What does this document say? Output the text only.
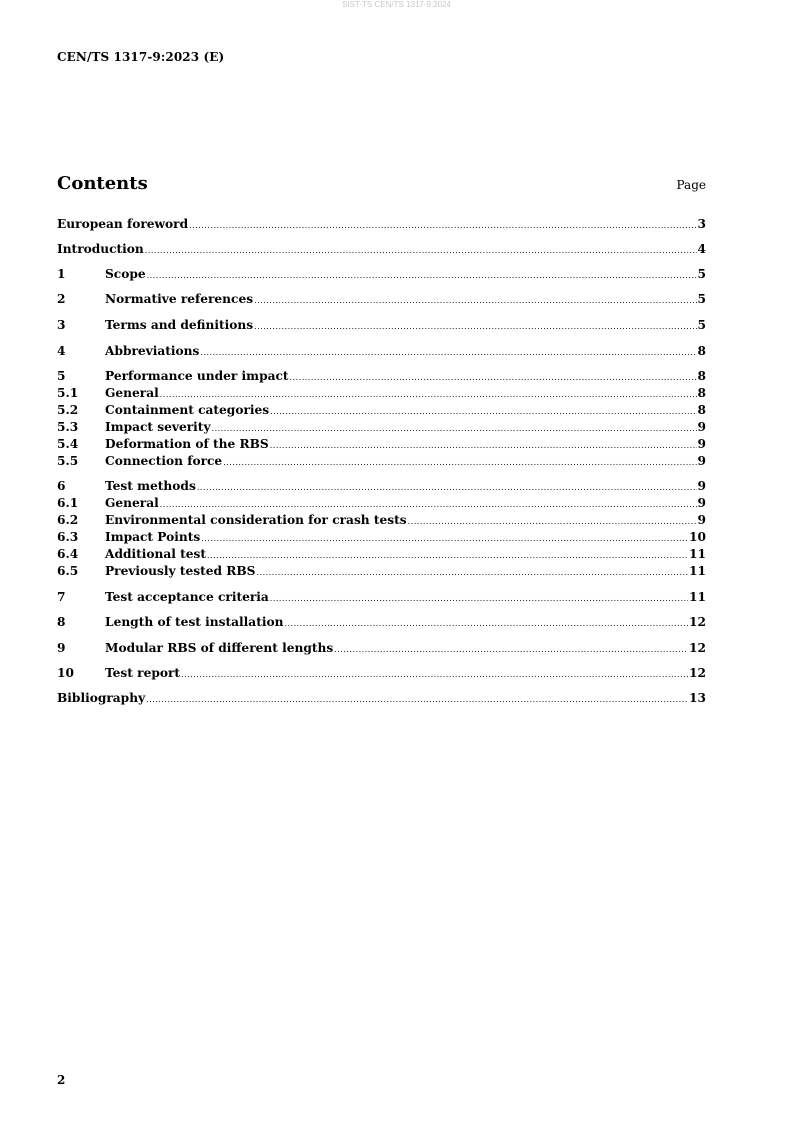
SIST-TS CEN/TS 1317-9:2024
CEN/TS 1317-9:2023 (E)
Contents	Page
European foreword .....	3
Introduction .....	4
1	Scope .....	5
2	Normative references .....	5
3	Terms and definitions .....	5
4	Abbreviations .....	8
5	Performance under impact .....	8
5.1	General .....	8
5.2	Containment categories .....	8
5.3	Impact severity .....	9
5.4	Deformation of the RBS .....	9
5.5	Connection force .....	9
6	Test methods .....	9
6.1	General .....	9
6.2	Environmental consideration for crash tests .....	9
6.3	Impact Points .....	10
6.4	Additional test .....	11
6.5	Previously tested RBS .....	11
7	Test acceptance criteria .....	11
8	Length of test installation .....	12
9	Modular RBS of different lengths .....	12
10	Test report .....	12
Bibliography .....	13
2
